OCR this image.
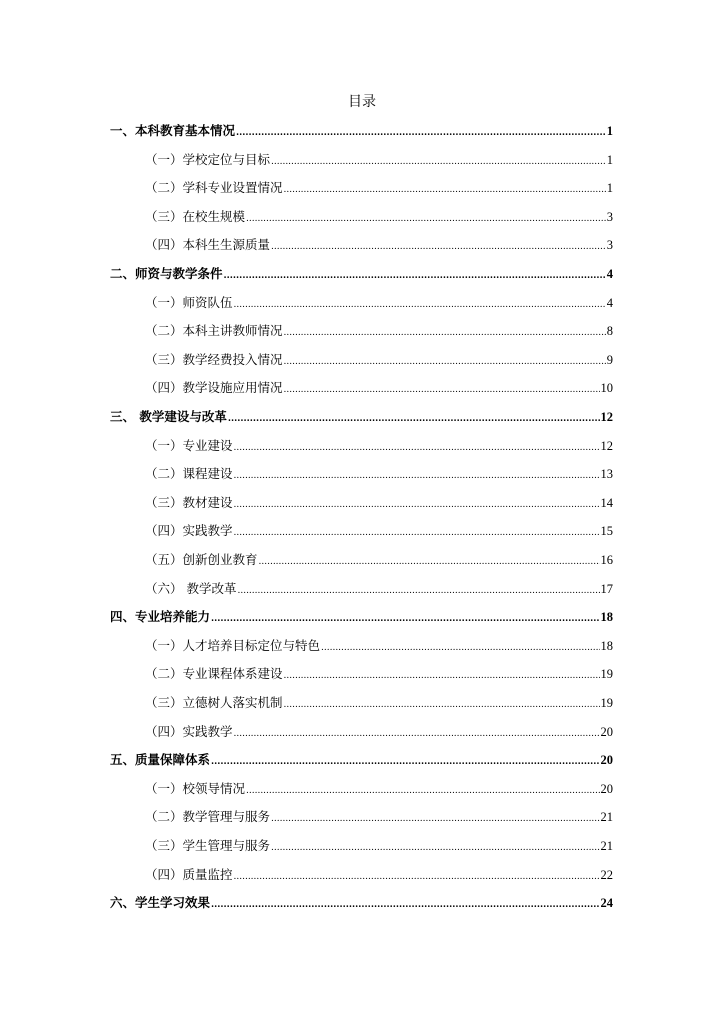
目录
一、本科教育基本情况 .....	1
（一）学校定位与目标 .....	1
（二）学科专业设置情况 .....	1
（三）在校生规模 .....	3
（四）本科生生源质量 .....	3
二、师资与教学条件 .....	4
（一）师资队伍 .....	4
（二）本科主讲教师情况 .....	8
（三）教学经费投入情况 .....	9
（四）教学设施应用情况 .....	10
三、 教学建设与改革 .....	12
（一）专业建设 .....	12
（二）课程建设 .....	13
（三）教材建设 .....	14
（四）实践教学 .....	15
（五）创新创业教育 .....	16
（六） 教学改革 .....	17
四、专业培养能力 .....	18
（一）人才培养目标定位与特色 .....	18
（二）专业课程体系建设 .....	19
（三）立德树人落实机制 .....	19
（四）实践教学 .....	20
五、质量保障体系 .....	20
（一）校领导情况 .....	20
（二）教学管理与服务 .....	21
（三）学生管理与服务 .....	21
（四）质量监控 .....	22
六、学生学习效果 .....	24
